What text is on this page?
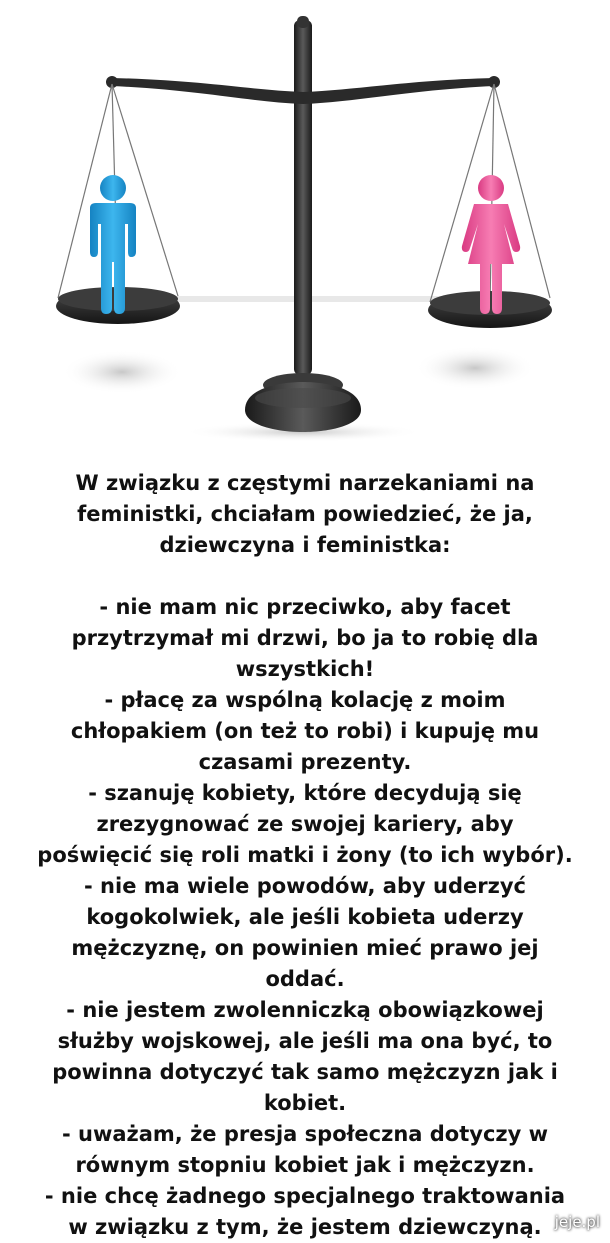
W związku z częstymi narzekaniami na
feministki, chciałam powiedzieć, że ja,
dziewczyna i feministka:
- nie mam nic przeciwko, aby facet
przytrzymał mi drzwi, bo ja to robię dla
wszystkich!
- płacę za wspólną kolację z moim
chłopakiem (on też to robi) i kupuję mu
czasami prezenty.
- szanuję kobiety, które decydują się
zrezygnować ze swojej kariery, aby
poświęcić się roli matki i żony (to ich wybór).
- nie ma wiele powodów, aby uderzyć
kogokolwiek, ale jeśli kobieta uderzy
mężczyznę, on powinien mieć prawo jej
oddać.
- nie jestem zwolenniczką obowiązkowej
służby wojskowej, ale jeśli ma ona być, to
powinna dotyczyć tak samo mężczyzn jak i
kobiet.
- uważam, że presja społeczna dotyczy w
równym stopniu kobiet jak i mężczyzn.
- nie chcę żadnego specjalnego traktowania
w związku z tym, że jestem dziewczyną. jeje.pl
